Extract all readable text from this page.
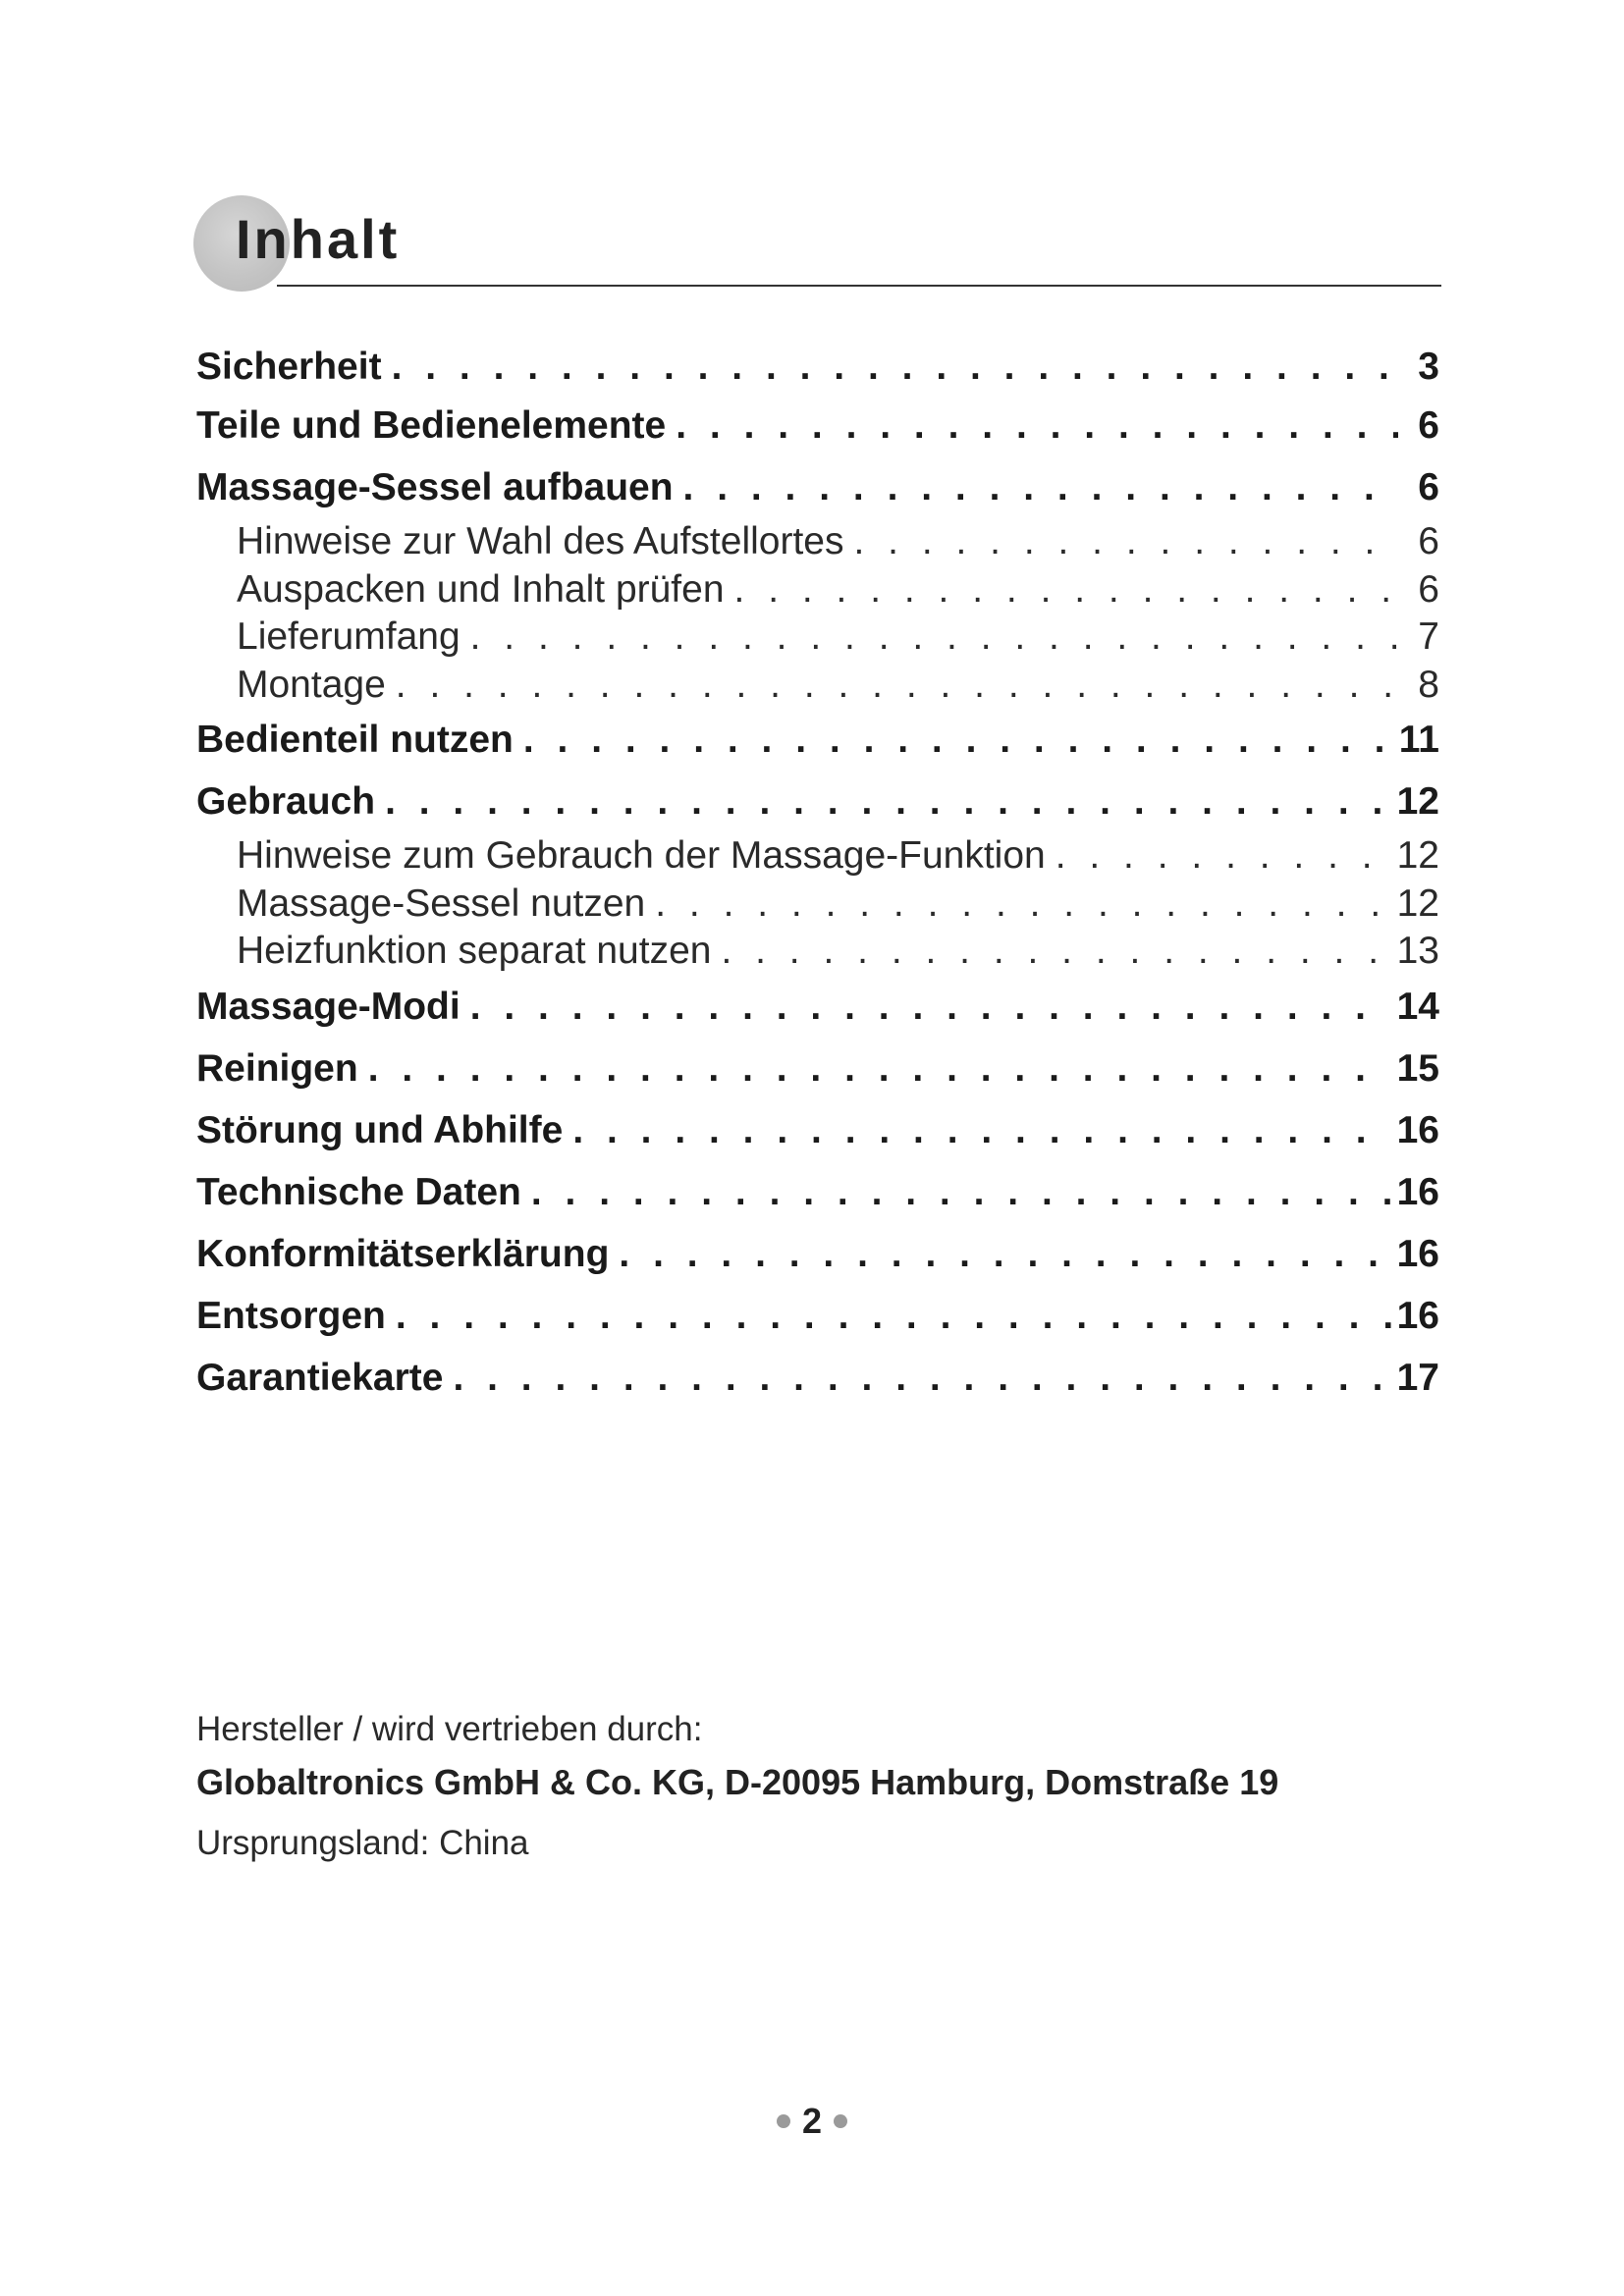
Inhalt
Sicherheit . . .	3
Teile und Bedienelemente . . .	6
Massage-Sessel aufbauen . . .	6
Hinweise zur Wahl des Aufstellortes . . .	6
Auspacken und Inhalt prüfen . . .	6
Lieferumfang . . .	7
Montage . . .	8
Bedienteil nutzen . . .	11
Gebrauch . . .	12
Hinweise zum Gebrauch der Massage-Funktion . . .	12
Massage-Sessel nutzen . . .	12
Heizfunktion separat nutzen . . .	13
Massage-Modi . . .	14
Reinigen . . .	15
Störung und Abhilfe . . .	16
Technische Daten . . .	16
Konformitätserklärung . . .	16
Entsorgen . . .	16
Garantiekarte . . .	17
Hersteller / wird vertrieben durch:
Globaltronics GmbH & Co. KG, D-20095 Hamburg, Domstraße 19
Ursprungsland: China
2
